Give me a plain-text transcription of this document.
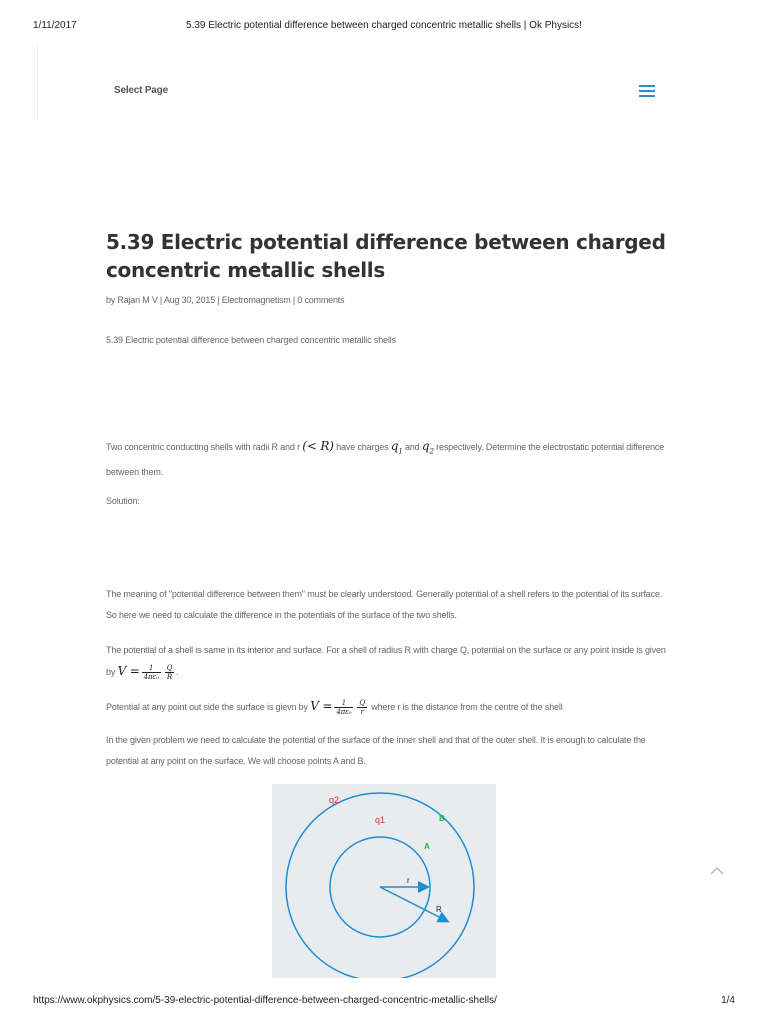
1/11/2017	5.39 Electric potential difference between charged concentric metallic shells | Ok Physics!
Select Page
5.39 Electric potential difference between charged concentric metallic shells
by Rajan M V | Aug 30, 2015 | Electromagnetism | 0 comments
5.39 Electric potential difference between charged concentric metallic shells
Two concentric conducting shells with radii R and r (< R) have charges $q_1$ and $q_2$ respectively. Determine the electrostatic potential difference between them.
Solution:
The meaning of "potential difference between them" must be clearly understood. Generally potential of a shell refers to the potential of its surface. So here we need to calculate the difference in the potentials of the surface of the two shells.
The potential of a shell is same in its interior and surface. For a shell of radius R with charge Q, potential on the surface or any point inside is given by $V = \frac{1}{\text{4πε₀}} \frac{Q}{R}$ .
Potential at any point out side the surface is gievn by $V = \frac{1}{\text{4πε₀}} \frac{Q}{r}$ where r is the distance from the centre of the shell
In the given problem we need to calculate the potential of the surface of the inner shell and that of the outer shell. It is enough to calculate the potential at any point on the surface. We will choose points A and B.
q2
q1
A
B
r
R
https://www.okphysics.com/5-39-electric-potential-difference-between-charged-concentric-metallic-shells/	1/4
